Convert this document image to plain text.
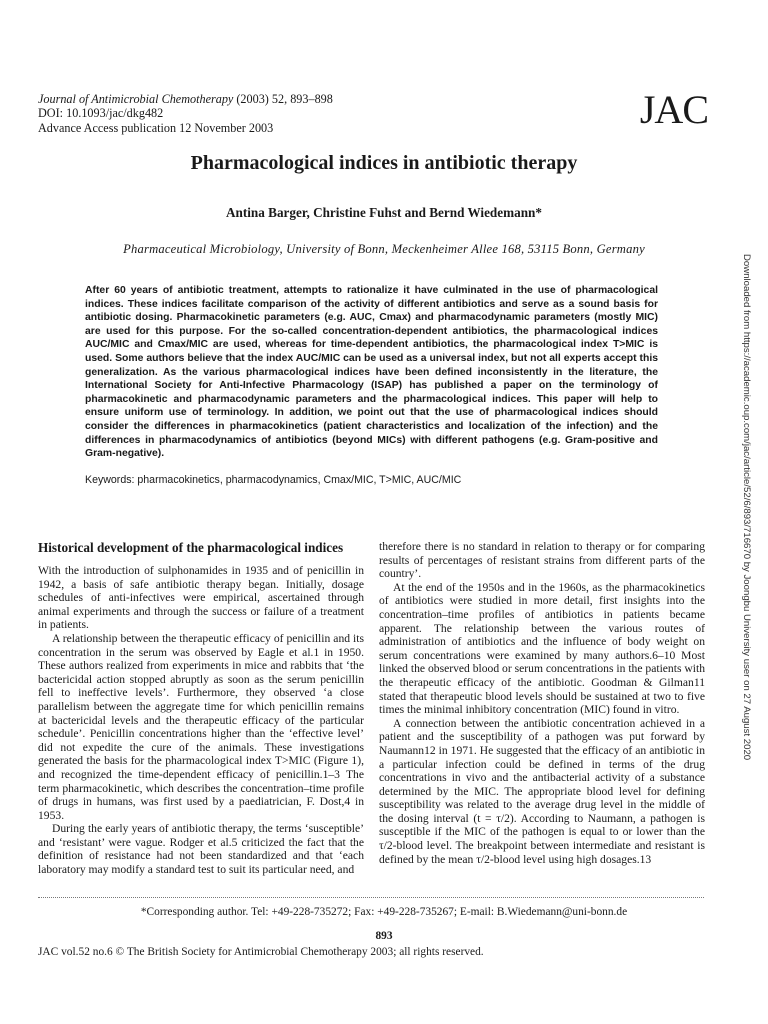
Journal of Antimicrobial Chemotherapy (2003) 52, 893–898
DOI: 10.1093/jac/dkg482
Advance Access publication 12 November 2003	JAC
Pharmacological indices in antibiotic therapy
Antina Barger, Christine Fuhst and Bernd Wiedemann*
Pharmaceutical Microbiology, University of Bonn, Meckenheimer Allee 168, 53115 Bonn, Germany
After 60 years of antibiotic treatment, attempts to rationalize it have culminated in the use of pharmacological indices. These indices facilitate comparison of the activity of different antibiotics and serve as a sound basis for antibiotic dosing. Pharmacokinetic parameters (e.g. AUC, Cmax) and pharmacodynamic parameters (mostly MIC) are used for this purpose. For the so-called concentration-dependent antibiotics, the pharmacological indices AUC/MIC and Cmax/MIC are used, whereas for time-dependent antibiotics, the pharmacological index T>MIC is used. Some authors believe that the index AUC/MIC can be used as a universal index, but not all experts accept this generalization. As the various pharmacological indices have been defined inconsistently in the literature, the International Society for Anti-Infective Pharmacology (ISAP) has published a paper on the terminology of pharmacokinetic and pharmacodynamic parameters and the pharmacological indices. This paper will help to ensure uniform use of terminology. In addition, we point out that the use of pharmacological indices should consider the differences in pharmacokinetics (patient characteristics and localization of the infection) and the differences in pharmacodynamics of antibiotics (beyond MICs) with different pathogens (e.g. Gram-positive and Gram-negative).
Keywords: pharmacokinetics, pharmacodynamics, Cmax/MIC, T>MIC, AUC/MIC
Historical development of the pharmacological indices

With the introduction of sulphonamides in 1935 and of penicillin in 1942, a basis of safe antibiotic therapy began. Initially, dosage schedules of anti-infectives were empirical, ascertained through animal experiments and through the success or failure of a treatment in patients.

A relationship between the therapeutic efficacy of penicillin and its concentration in the serum was observed by Eagle et al.1 in 1950. These authors realized from experiments in mice and rabbits that ‘the bactericidal action stopped abruptly as soon as the serum penicillin fell to ineffective levels’. Furthermore, they observed ‘a close parallelism between the aggregate time for which penicillin remains at bactericidal levels and the therapeutic efficacy of the particular schedule’. Penicillin concentrations higher than the ‘effective level’ did not expedite the cure of the animals. These investigations generated the basis for the pharmacological index T>MIC (Figure 1), and recognized the time-dependent efficacy of penicillin.1–3 The term pharmacokinetic, which describes the concentration–time profile of drugs in humans, was first used by a paediatrician, F. Dost,4 in 1953.

During the early years of antibiotic therapy, the terms ‘susceptible’ and ‘resistant’ were vague. Rodger et al.5 criticized the fact that the definition of resistance had not been standardized and that ‘each laboratory may modify a standard test to suit its particular need, and

therefore there is no standard in relation to therapy or for comparing results of percentages of resistant strains from different parts of the country’.

At the end of the 1950s and in the 1960s, as the pharmacokinetics of antibiotics were studied in more detail, first insights into the concentration–time profiles of antibiotics in patients became apparent. The relationship between the various routes of administration of antibiotics and the influence of body weight on serum concentrations were examined by many authors.6–10 Most linked the observed blood or serum concentrations in the patients with the therapeutic efficacy of the antibiotic. Goodman & Gilman11 stated that therapeutic blood levels should be sustained at two to five times the minimal inhibitory concentration (MIC) found in vitro.

A connection between the antibiotic concentration achieved in a patient and the susceptibility of a pathogen was put forward by Naumann12 in 1971. He suggested that the efficacy of an antibiotic in a particular infection could be defined in terms of the drug concentrations in vivo and the antibacterial activity of a substance determined by the MIC. The appropriate blood level for defining susceptibility was related to the average drug level in the middle of the dosing interval (t = τ/2). According to Naumann, a pathogen is susceptible if the MIC of the pathogen is equal to or lower than the τ/2-blood level. The breakpoint between intermediate and resistant is defined by the mean τ/2-blood level using high dosages.13

*Corresponding author. Tel: +49-228-735272; Fax: +49-228-735267; E-mail: B.Wiedemann@uni-bonn.de
893
JAC vol.52 no.6 © The British Society for Antimicrobial Chemotherapy 2003; all rights reserved.
Downloaded from https://academic.oup.com/jac/article/52/6/893/716670 by Joongbu University user on 27 August 2020
